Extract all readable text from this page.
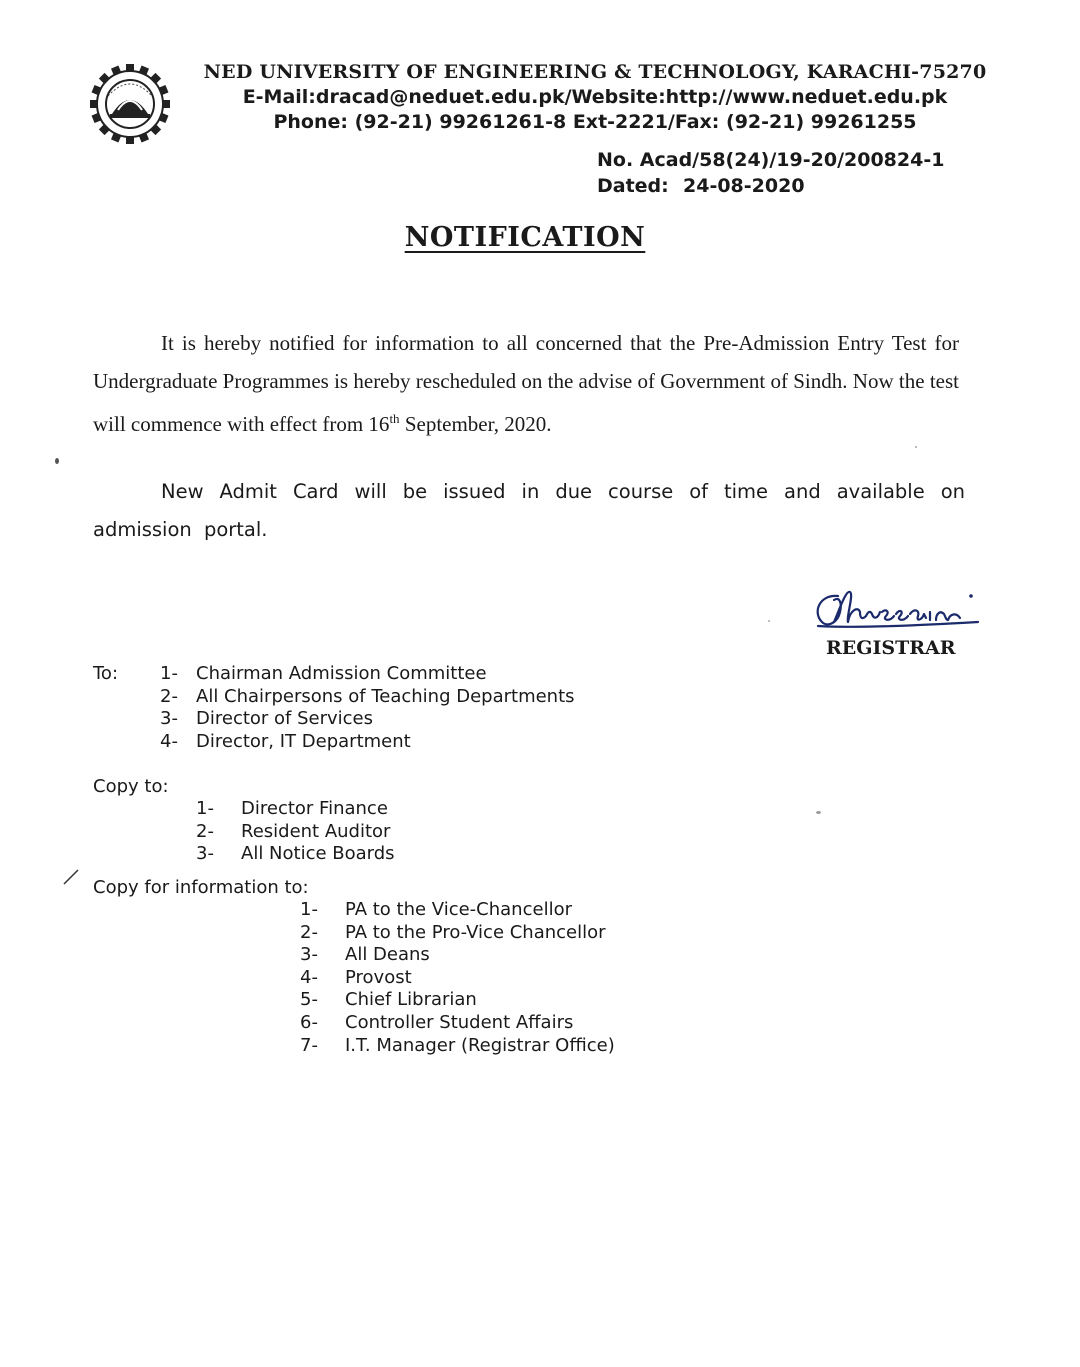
NED UNIVERSITY OF ENGINEERING & TECHNOLOGY, KARACHI-75270
E-Mail:dracad@neduet.edu.pk/Website:http://www.neduet.edu.pk
Phone: (92-21) 99261261-8 Ext-2221/Fax: (92-21) 99261255
No. Acad/58(24)/19-20/200824-1
Dated: 24-08-2020
NOTIFICATION
It is hereby notified for information to all concerned that the Pre-Admission Entry Test for Undergraduate Programmes is hereby rescheduled on the advise of Government of Sindh. Now the test will commence with effect from 16th September, 2020.
New Admit Card will be issued in due course of time and available on admission portal.
REGISTRAR
To: 1- Chairman Admission Committee
2- All Chairpersons of Teaching Departments
3- Director of Services
4- Director, IT Department
Copy to:
1- Director Finance
2- Resident Auditor
3- All Notice Boards
Copy for information to:
1- PA to the Vice-Chancellor
2- PA to the Pro-Vice Chancellor
3- All Deans
4- Provost
5- Chief Librarian
6- Controller Student Affairs
7- I.T. Manager (Registrar Office)
